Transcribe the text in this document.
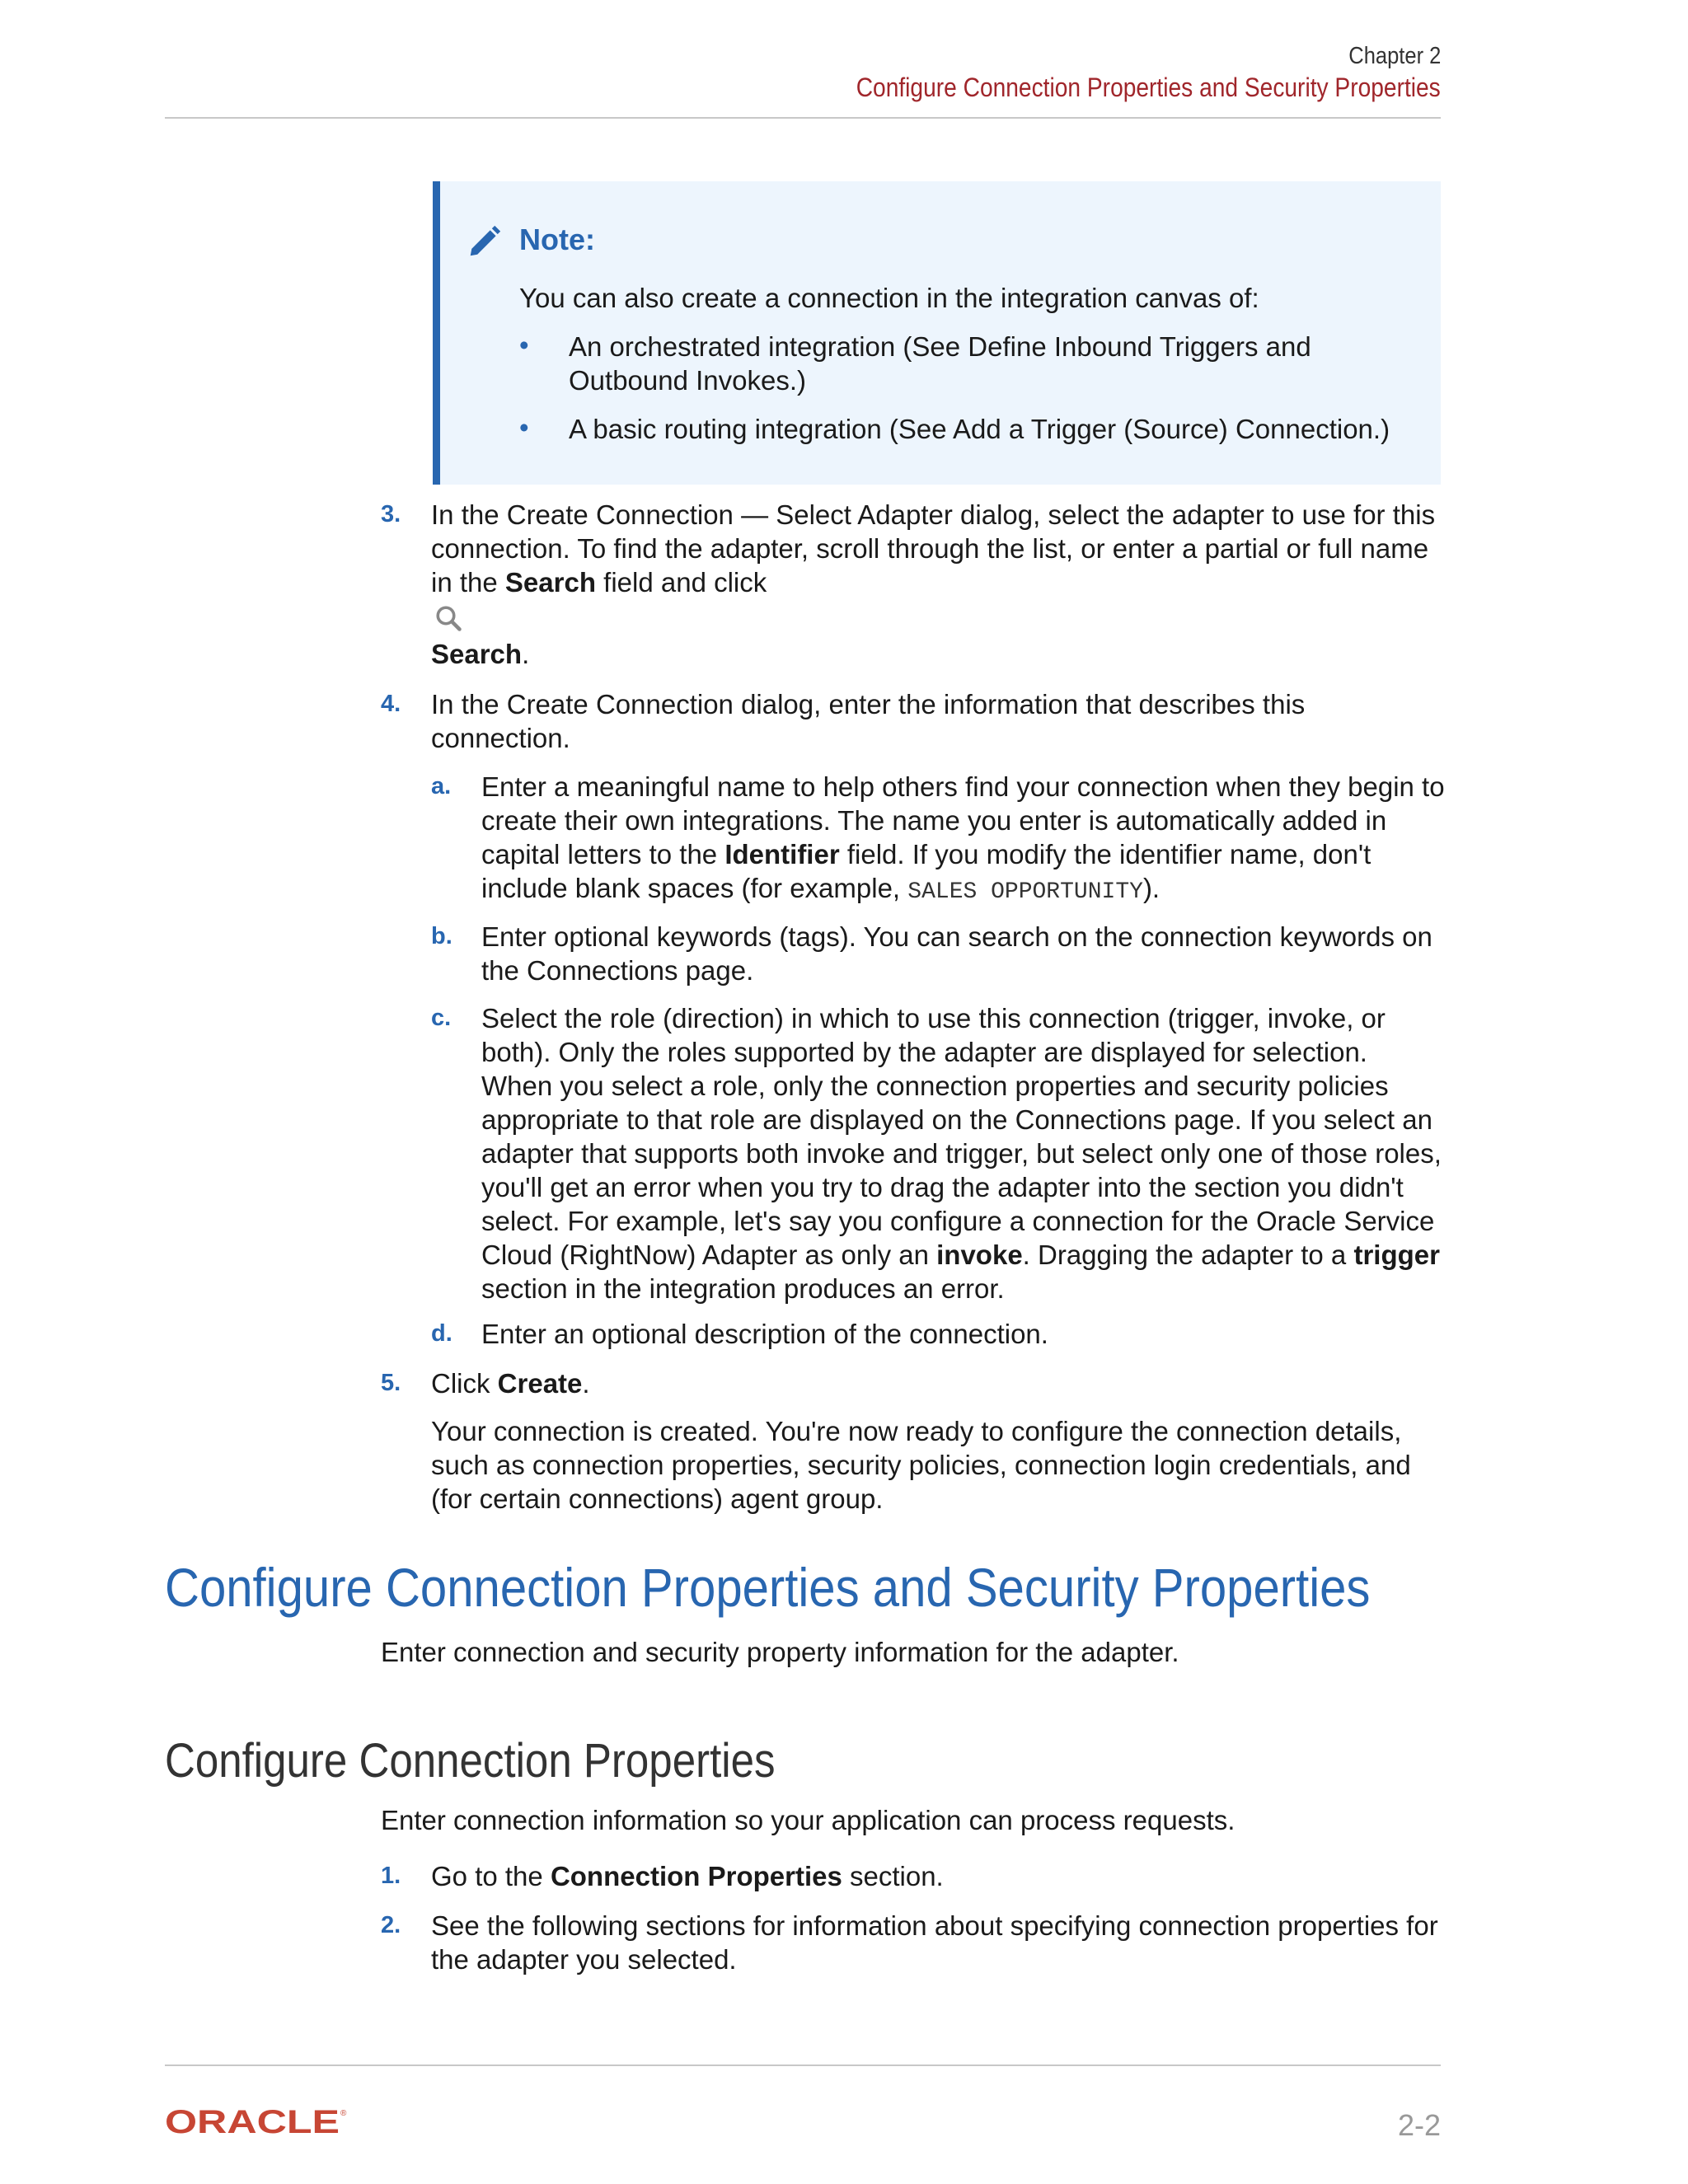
Chapter 2
Configure Connection Properties and Security Properties
Note:
You can also create a connection in the integration canvas of:
• An orchestrated integration (See Define Inbound Triggers and Outbound Invokes.)
• A basic routing integration (See Add a Trigger (Source) Connection.)
3. In the Create Connection — Select Adapter dialog, select the adapter to use for this connection. To find the adapter, scroll through the list, or enter a partial or full name in the Search field and click
Search.
4. In the Create Connection dialog, enter the information that describes this connection.
a. Enter a meaningful name to help others find your connection when they begin to create their own integrations. The name you enter is automatically added in capital letters to the Identifier field. If you modify the identifier name, don't include blank spaces (for example, SALES OPPORTUNITY).
b. Enter optional keywords (tags). You can search on the connection keywords on the Connections page.
c. Select the role (direction) in which to use this connection (trigger, invoke, or both). Only the roles supported by the adapter are displayed for selection. When you select a role, only the connection properties and security policies appropriate to that role are displayed on the Connections page. If you select an adapter that supports both invoke and trigger, but select only one of those roles, you'll get an error when you try to drag the adapter into the section you didn't select. For example, let's say you configure a connection for the Oracle Service Cloud (RightNow) Adapter as only an invoke. Dragging the adapter to a trigger section in the integration produces an error.
d. Enter an optional description of the connection.
5. Click Create.
Your connection is created. You're now ready to configure the connection details, such as connection properties, security policies, connection login credentials, and (for certain connections) agent group.
Configure Connection Properties and Security Properties
Enter connection and security property information for the adapter.
Configure Connection Properties
Enter connection information so your application can process requests.
1. Go to the Connection Properties section.
2. See the following sections for information about specifying connection properties for the adapter you selected.
ORACLE ®	2-2
